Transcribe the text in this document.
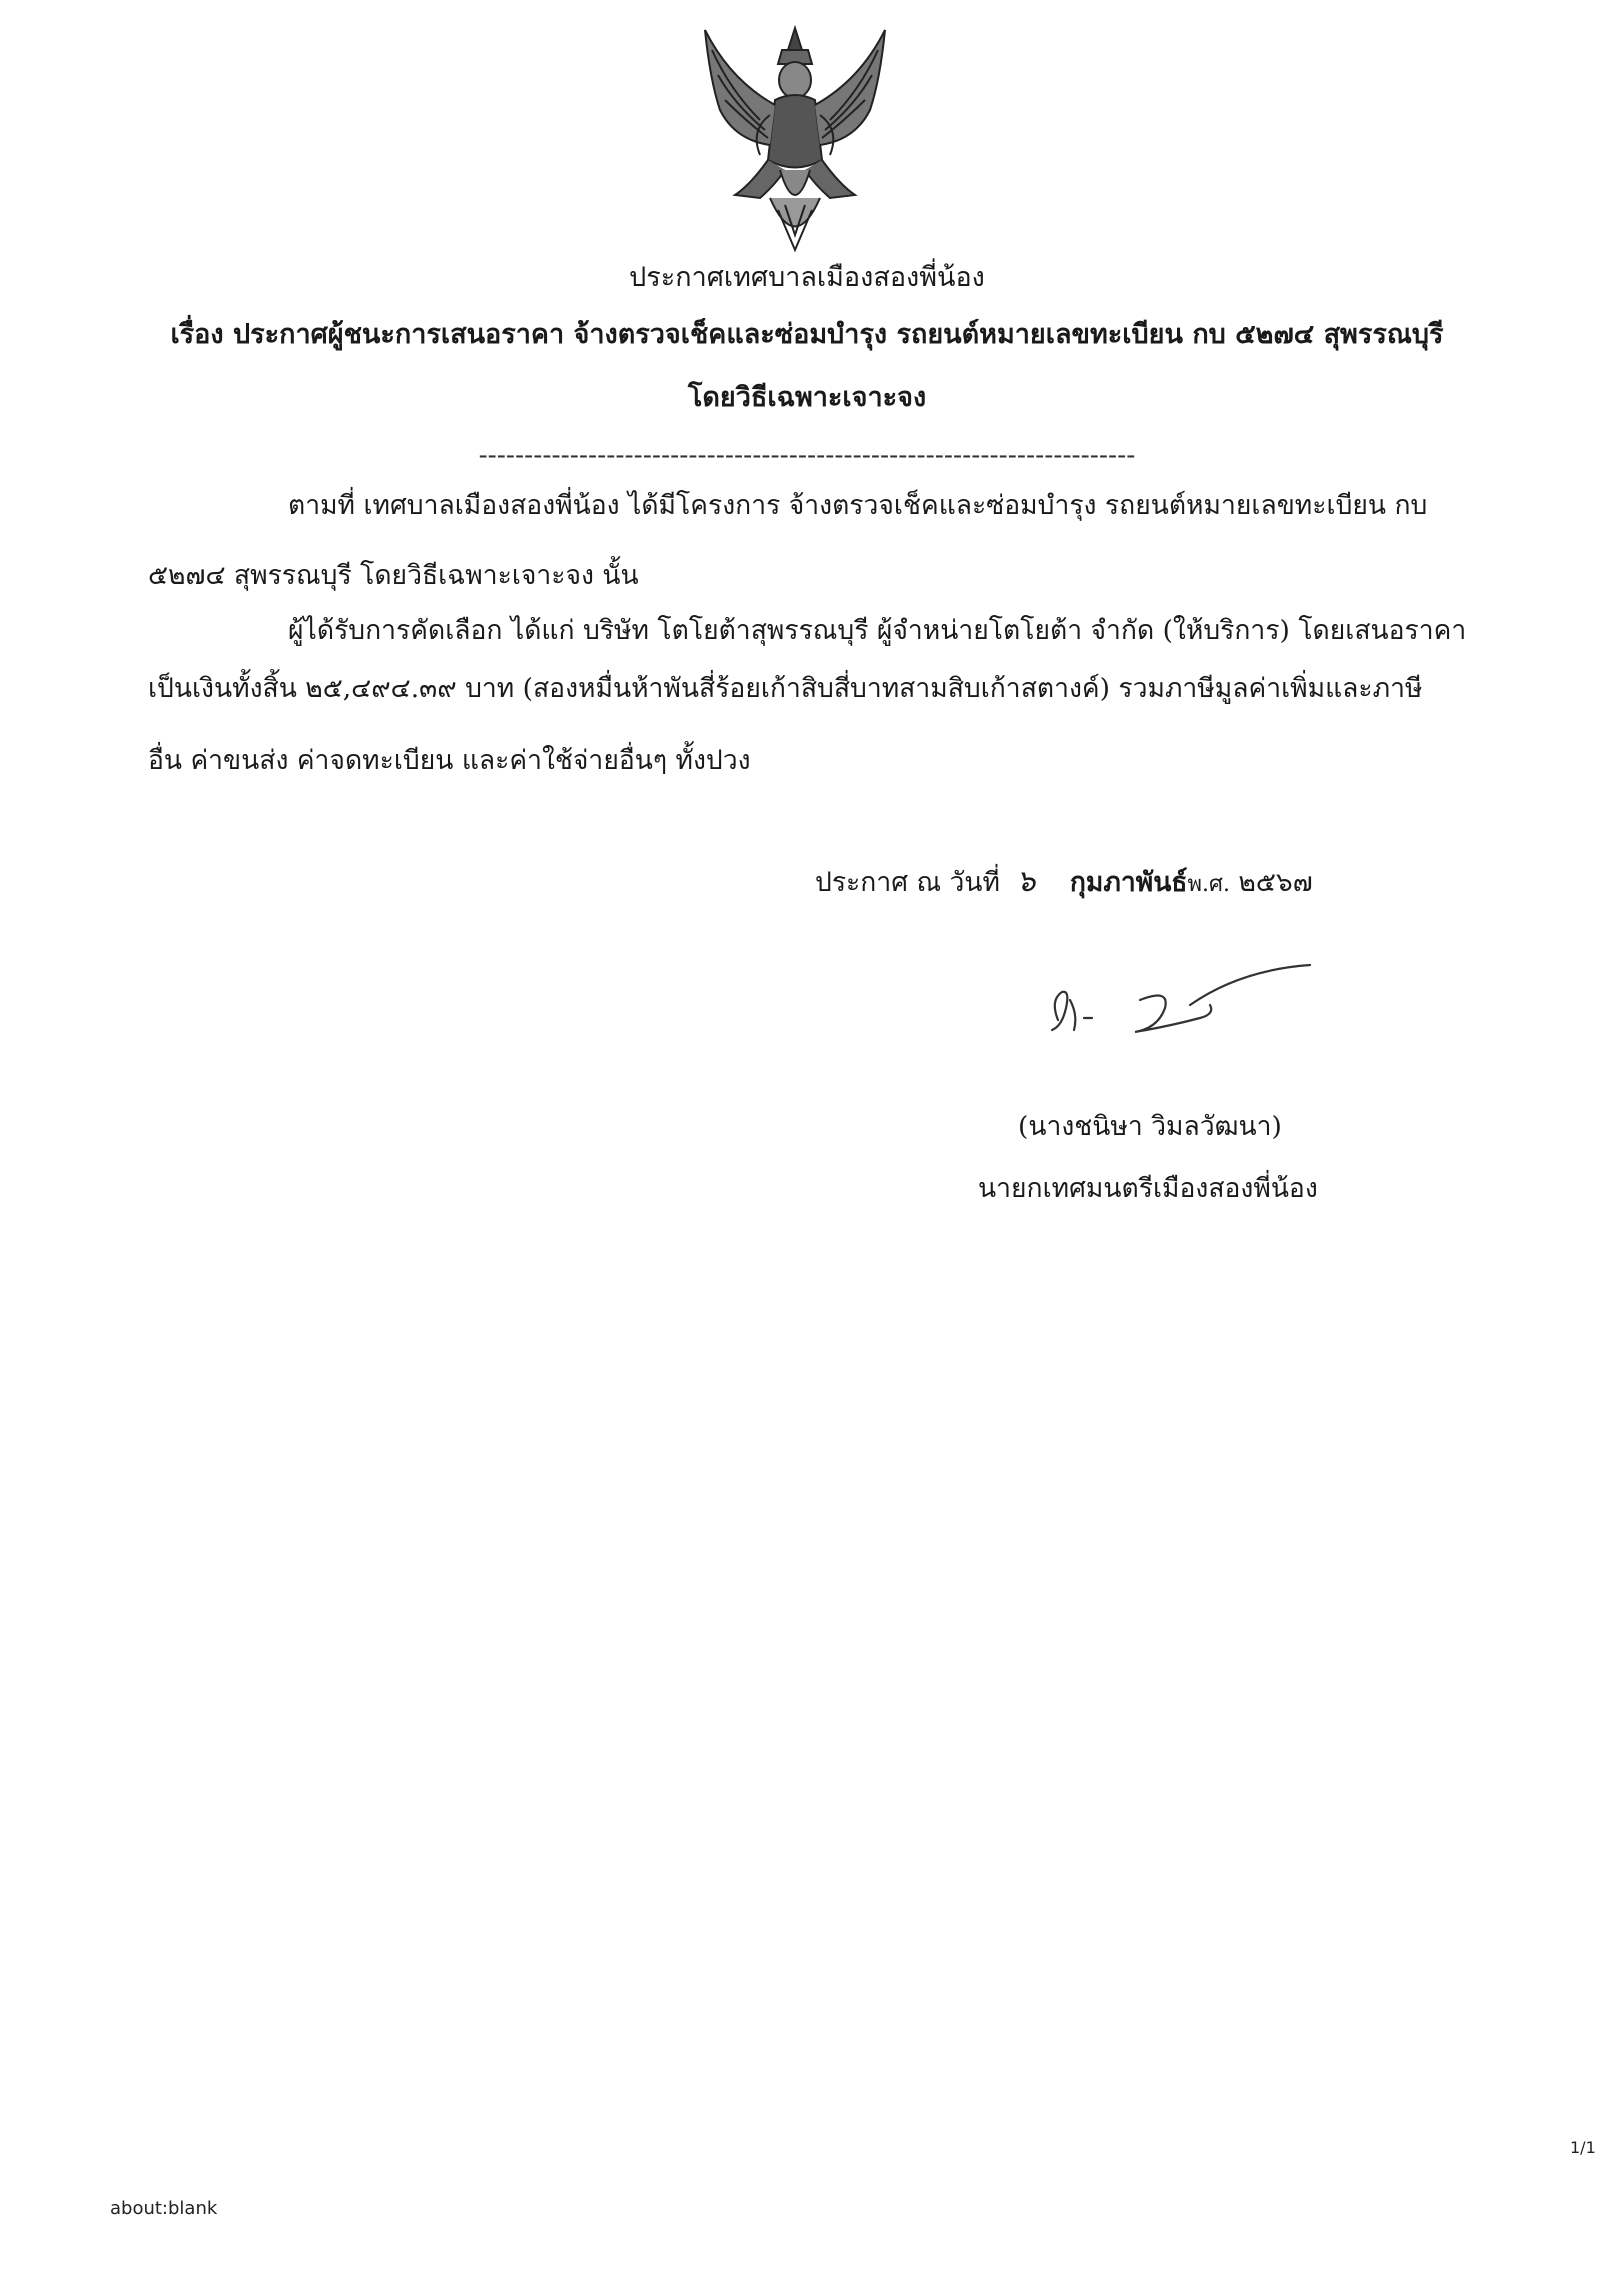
ประกาศเทศบาลเมืองสองพี่น้อง
เรื่อง ประกาศผู้ชนะการเสนอราคา จ้างตรวจเช็คและซ่อมบำรุง รถยนต์หมายเลขทะเบียน กบ ๕๒๗๔ สุพรรณบุรี
โดยวิธีเฉพาะเจาะจง
------------------------------------------------------------------------
ตามที่ เทศบาลเมืองสองพี่น้อง ได้มีโครงการ จ้างตรวจเช็คและซ่อมบำรุง รถยนต์หมายเลขทะเบียน กบ
๕๒๗๔ สุพรรณบุรี โดยวิธีเฉพาะเจาะจง นั้น
ผู้ได้รับการคัดเลือก ได้แก่ บริษัท โตโยต้าสุพรรณบุรี ผู้จำหน่ายโตโยต้า จำกัด (ให้บริการ) โดยเสนอราคา
เป็นเงินทั้งสิ้น ๒๕,๔๙๔.๓๙ บาท (สองหมื่นห้าพันสี่ร้อยเก้าสิบสี่บาทสามสิบเก้าสตางค์) รวมภาษีมูลค่าเพิ่มและภาษี
อื่น ค่าขนส่ง ค่าจดทะเบียน และค่าใช้จ่ายอื่นๆ ทั้งปวง
ประกาศ ณ วันที่ ๖ กุมภาพันธ์พ.ศ. ๒๕๖๗
(นางชนิษา วิมลวัฒนา)
นายกเทศมนตรีเมืองสองพี่น้อง
1/1
about:blank
